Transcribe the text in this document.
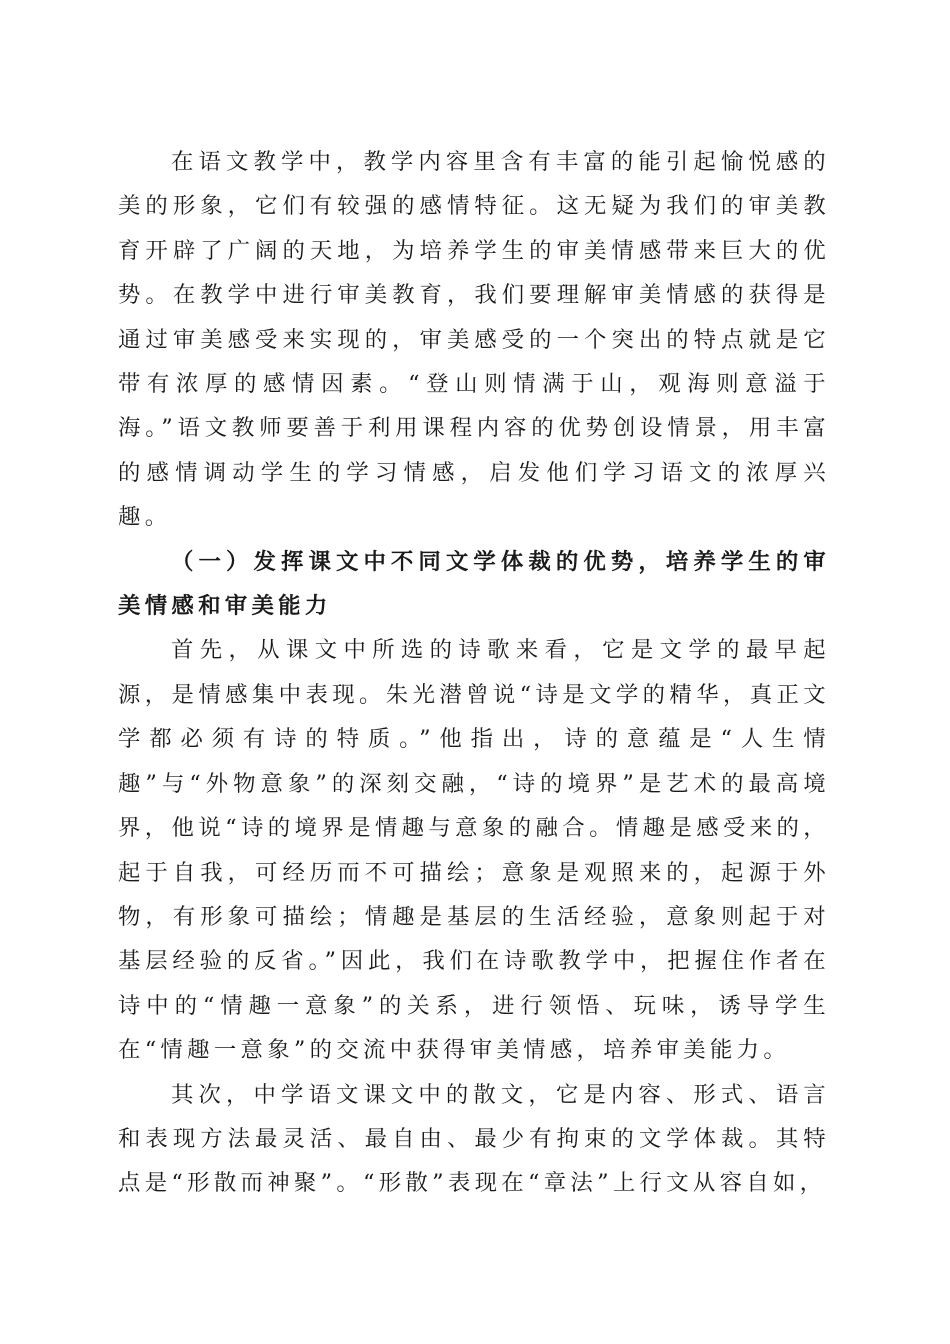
在语文教学中，教学内容里含有丰富的能引起愉悦感的美的形象，它们有较强的感情特征。这无疑为我们的审美教育开辟了广阔的天地，为培养学生的审美情感带来巨大的优势。在教学中进行审美教育，我们要理解审美情感的获得是通过审美感受来实现的，审美感受的一个突出的特点就是它带有浓厚的感情因素。“登山则情满于山，观海则意溢于海。”语文教师要善于利用课程内容的优势创设情景，用丰富的感情调动学生的学习情感，启发他们学习语文的浓厚兴趣。

（一）发挥课文中不同文学体裁的优势，培养学生的审美情感和审美能力

首先，从课文中所选的诗歌来看，它是文学的最早起源，是情感集中表现。朱光潜曾说“诗是文学的精华，真正文学都必须有诗的特质。”他指出，诗的意蕴是“人生情趣”与“外物意象”的深刻交融，“诗的境界”是艺术的最高境界，他说“诗的境界是情趣与意象的融合。情趣是感受来的，起于自我，可经历而不可描绘；意象是观照来的，起源于外物，有形象可描绘；情趣是基层的生活经验，意象则起于对基层经验的反省。”因此，我们在诗歌教学中，把握住作者在诗中的“情趣一意象”的关系，进行领悟、玩味，诱导学生在“情趣一意象”的交流中获得审美情感，培养审美能力。

其次，中学语文课文中的散文，它是内容、形式、语言和表现方法最灵活、最自由、最少有拘束的文学体裁。其特点是“形散而神聚”。“形散”表现在“章法”上行文从容自如，
